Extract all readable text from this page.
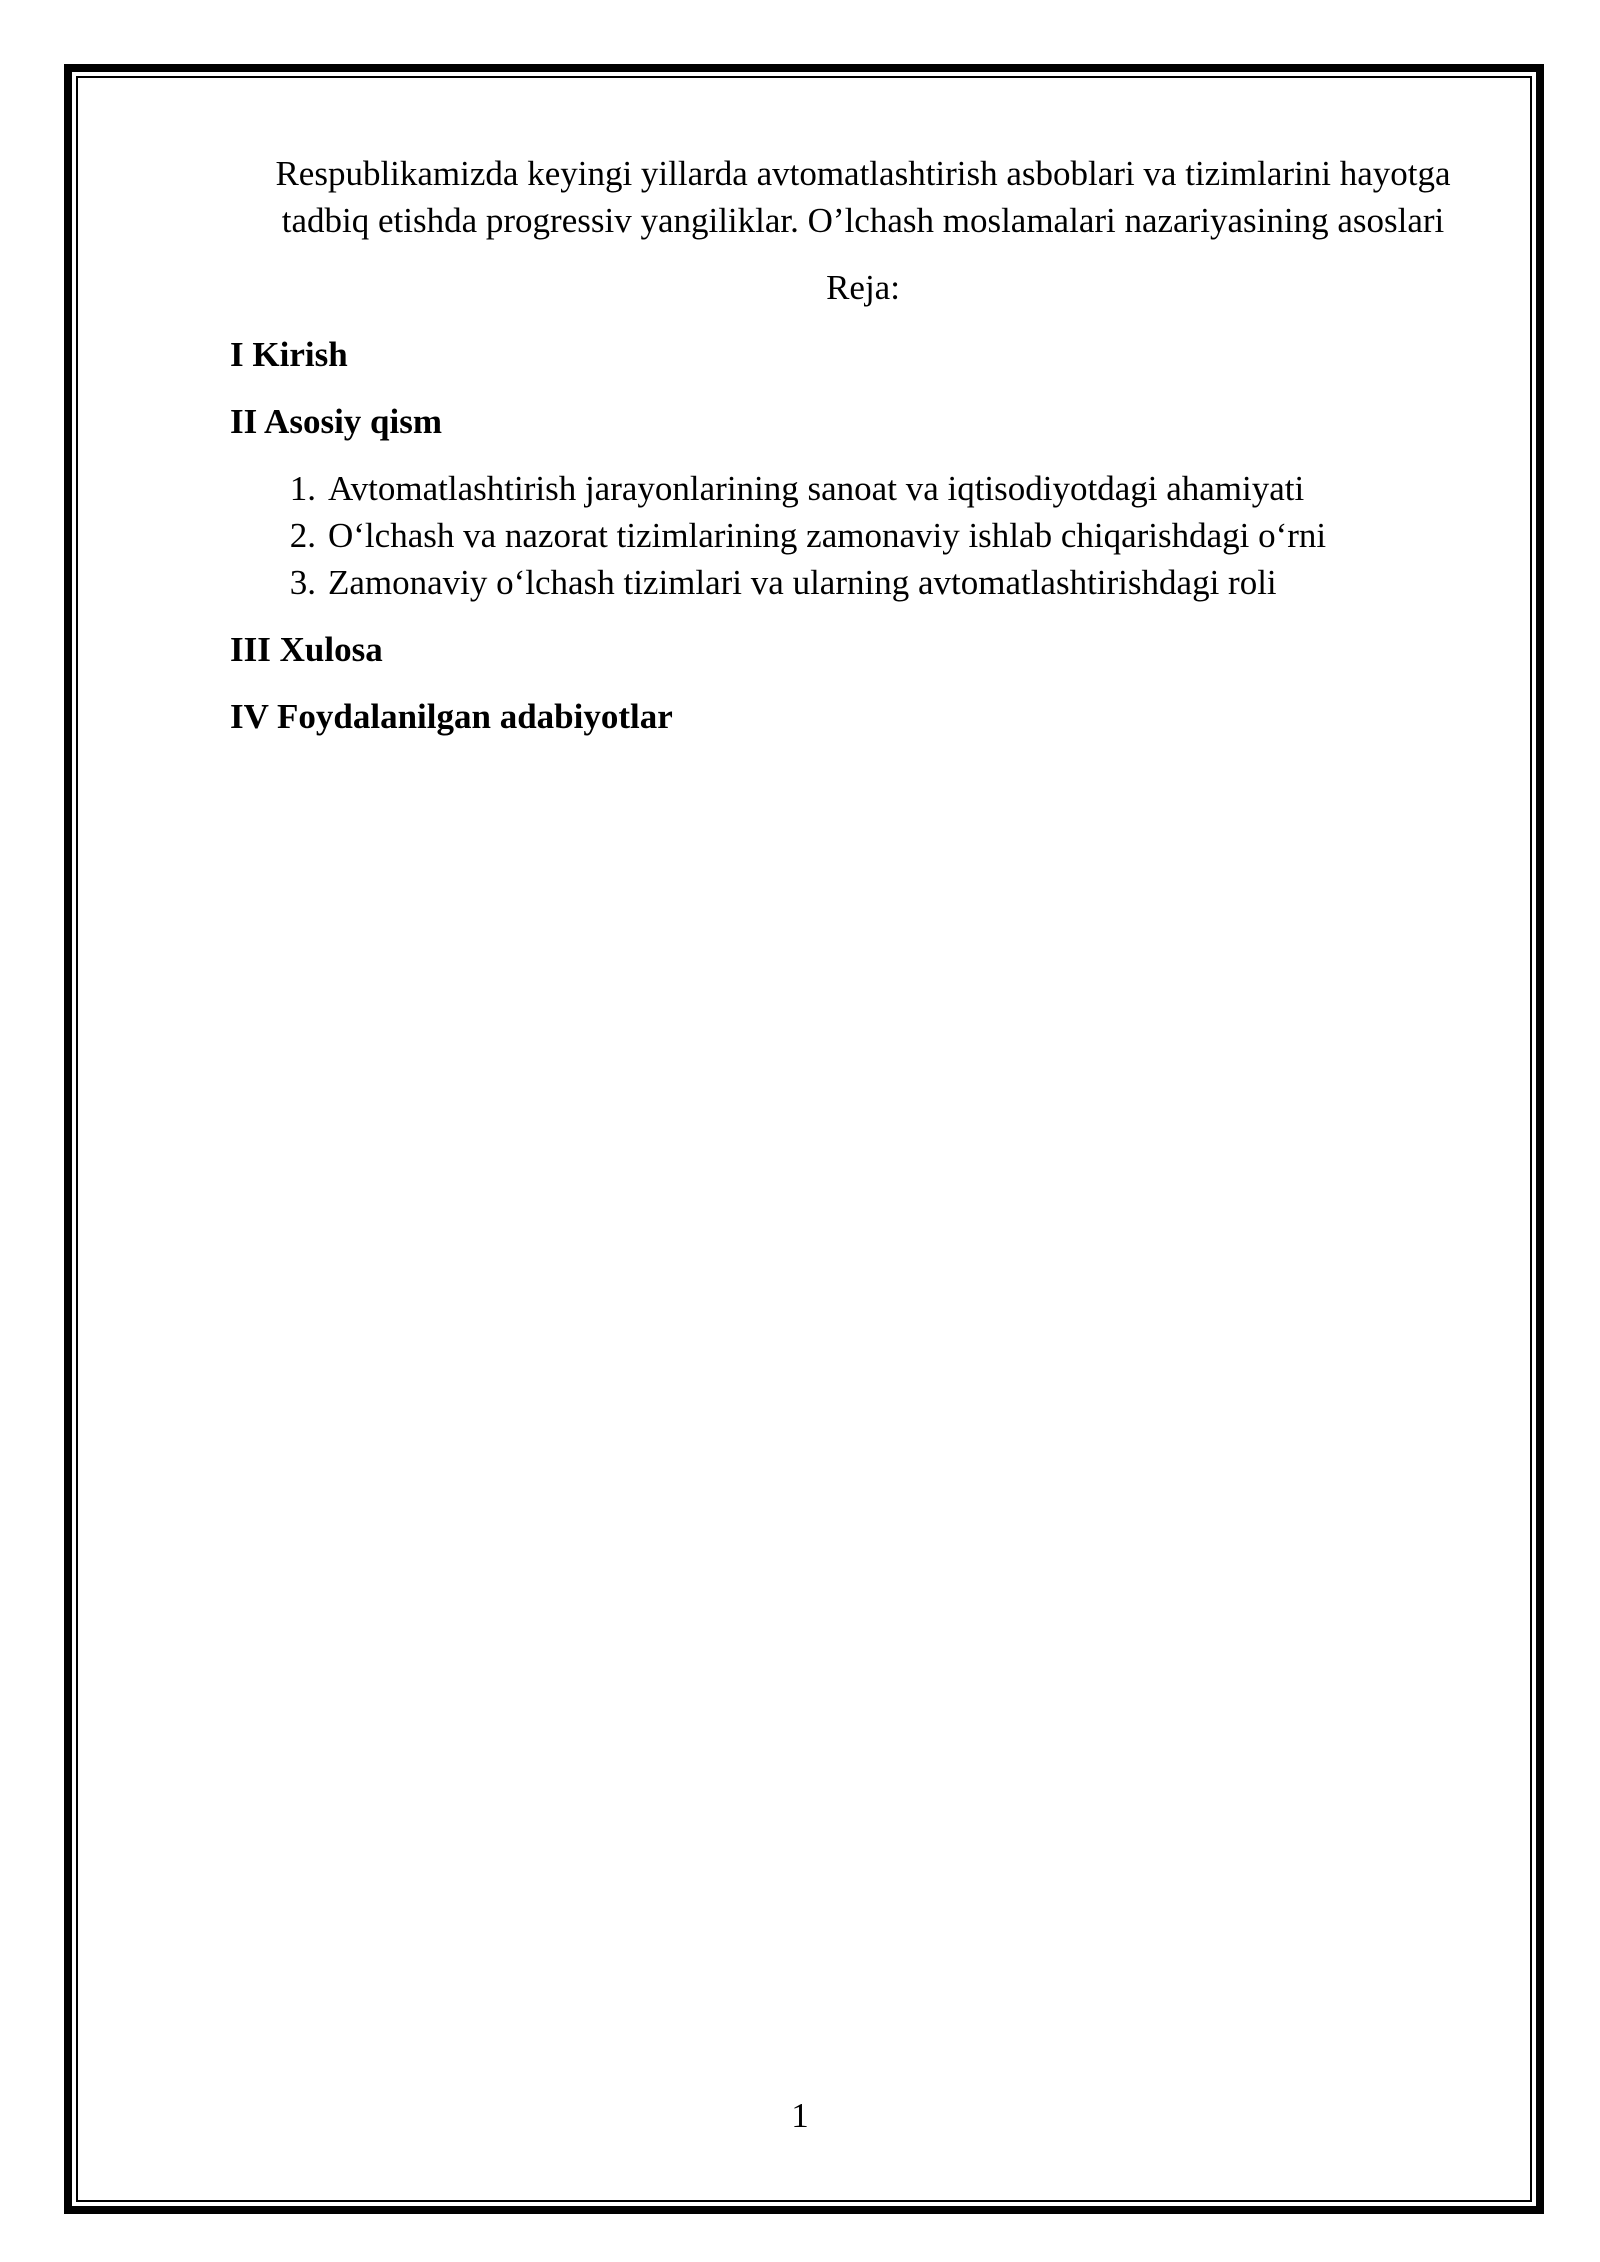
Respublikamizda keyingi yillarda avtomatlashtirish asboblari va tizimlarini hayotga tadbiq etishda progressiv yangiliklar. O’lchash moslamalari nazariyasining asoslari

Reja:

I Kirish

II Asosiy qism

1. Avtomatlashtirish jarayonlarining sanoat va iqtisodiyotdagi ahamiyati
2. O‘lchash va nazorat tizimlarining zamonaviy ishlab chiqarishdagi o‘rni
3. Zamonaviy o‘lchash tizimlari va ularning avtomatlashtirishdagi roli

III Xulosa

IV Foydalanilgan adabiyotlar

1
